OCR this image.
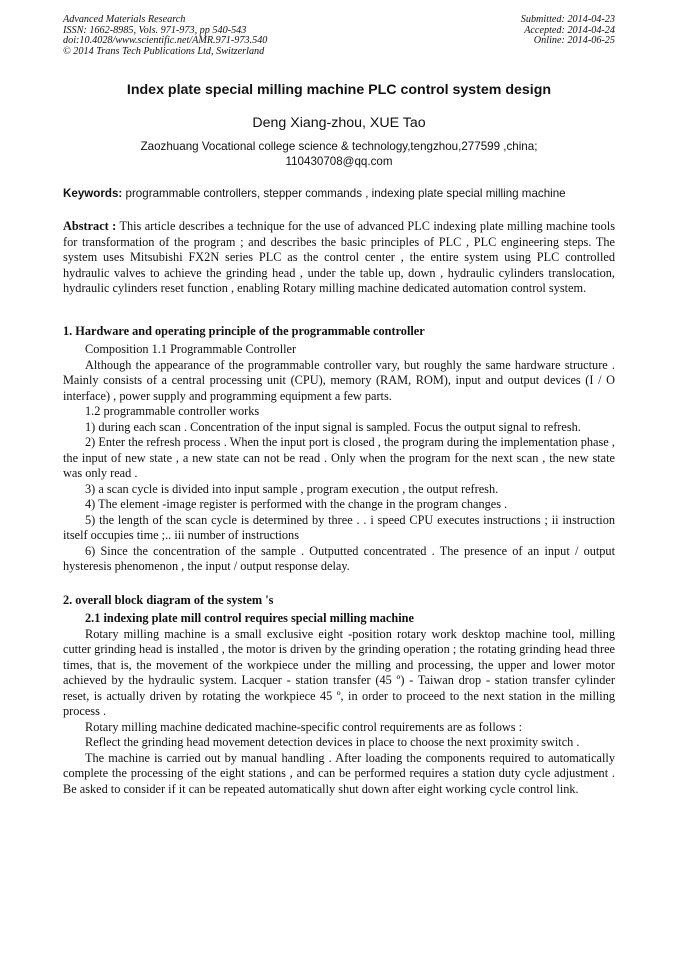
Advanced Materials Research
ISSN: 1662-8985, Vols. 971-973, pp 540-543
doi:10.4028/www.scientific.net/AMR.971-973.540
© 2014 Trans Tech Publications Ltd, Switzerland
Submitted: 2014-04-23
Accepted: 2014-04-24
Online: 2014-06-25
Index plate special milling machine PLC control system design
Deng Xiang-zhou, XUE Tao
Zaozhuang Vocational college science & technology,tengzhou,277599 ,china;
110430708@qq.com
Keywords: programmable controllers, stepper commands , indexing plate special milling machine

Abstract : This article describes a technique for the use of advanced PLC indexing plate milling machine tools for transformation of the program ; and describes the basic principles of PLC , PLC engineering steps. The system uses Mitsubishi FX2N series PLC as the control center , the entire system using PLC controlled hydraulic valves to achieve the grinding head , under the table up, down , hydraulic cylinders translocation, hydraulic cylinders reset function , enabling Rotary milling machine dedicated automation control system.

1. Hardware and operating principle of the programmable controller

Composition 1.1 Programmable Controller

Although the appearance of the programmable controller vary, but roughly the same hardware structure . Mainly consists of a central processing unit (CPU), memory (RAM, ROM), input and output devices (I / O interface) , power supply and programming equipment a few parts.

1.2 programmable controller works

1) during each scan . Concentration of the input signal is sampled. Focus the output signal to refresh.

2) Enter the refresh process . When the input port is closed , the program during the implementation phase , the input of new state , a new state can not be read . Only when the program for the next scan , the new state was only read .

3) a scan cycle is divided into input sample , program execution , the output refresh.

4) The element -image register is performed with the change in the program changes .

5) the length of the scan cycle is determined by three . . i speed CPU executes instructions ; ii instruction itself occupies time ;.. iii number of instructions

6) Since the concentration of the sample . Outputted concentrated . The presence of an input / output hysteresis phenomenon , the input / output response delay.

2. overall block diagram of the system 's

2.1 indexing plate mill control requires special milling machine

Rotary milling machine is a small exclusive eight -position rotary work desktop machine tool, milling cutter grinding head is installed , the motor is driven by the grinding operation ; the rotating grinding head three times, that is, the movement of the workpiece under the milling and processing, the upper and lower motor achieved by the hydraulic system. Lacquer - station transfer (45 º) - Taiwan drop - station transfer cylinder reset, is actually driven by rotating the workpiece 45 º, in order to proceed to the next station in the milling process .

Rotary milling machine dedicated machine-specific control requirements are as follows :

Reflect the grinding head movement detection devices in place to choose the next proximity switch .

The machine is carried out by manual handling . After loading the components required to automatically complete the processing of the eight stations , and can be performed requires a station duty cycle adjustment . Be asked to consider if it can be repeated automatically shut down after eight working cycle control link.
